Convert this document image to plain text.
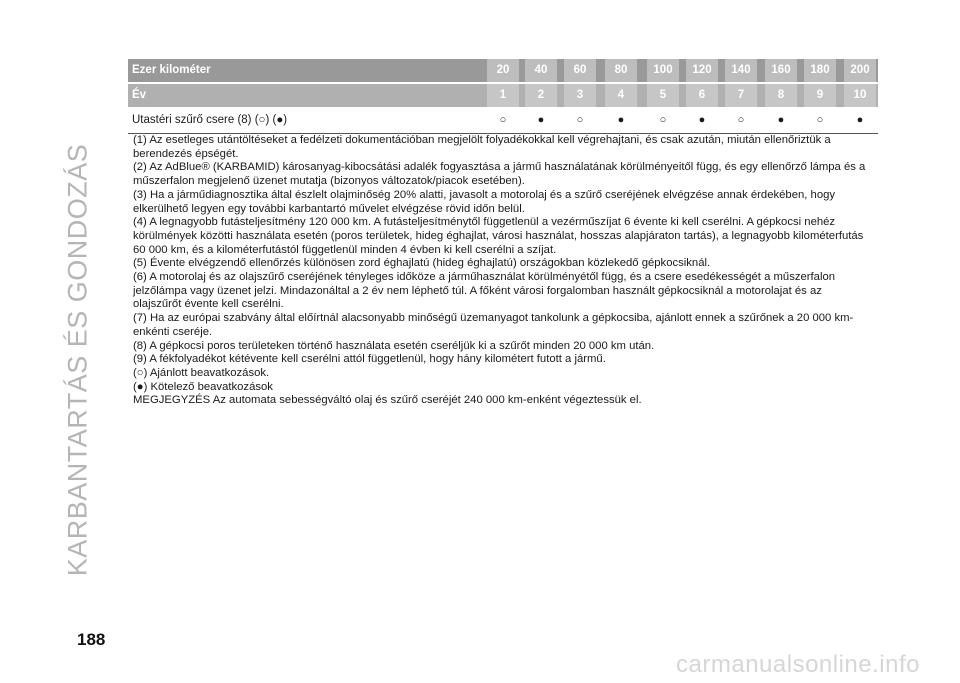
KARBANTARTÁS ÉS GONDOZÁS
Ezer kilométer	20	40	60	80	100	120	140	160	180	200
Év	1	2	3	4	5	6	7	8	9	10
Utastéri szűrő csere (8) (○) (●)	○	●	○	●	○	●	○	●	○	●

(1) Az esetleges utántöltéseket a fedélzeti dokumentációban megjelölt folyadékokkal kell végrehajtani, és csak azután, miután ellenőriztük a berendezés épségét.

(2) Az AdBlue® (KARBAMID) károsanyag-kibocsátási adalék fogyasztása a jármű használatának körülményeitől függ, és egy ellenőrző lámpa és a műszerfalon megjelenő üzenet mutatja (bizonyos változatok/piacok esetében).

(3) Ha a járműdiagnosztika által észlelt olajminőség 20% alatti, javasolt a motorolaj és a szűrő cseréjének elvégzése annak érdekében, hogy elkerülhető legyen egy további karbantartó művelet elvégzése rövid időn belül.

(4) A legnagyobb futásteljesítmény 120 000 km. A futásteljesítménytől függetlenül a vezérműszíjat 6 évente ki kell cserélni. A gépkocsi nehéz körülmények közötti használata esetén (poros területek, hideg éghajlat, városi használat, hosszas alapjáraton tartás), a legnagyobb kilométerfutás 60 000 km, és a kilométerfutástól függetlenül minden 4 évben ki kell cserélni a szíjat.

(5) Évente elvégzendő ellenőrzés különösen zord éghajlatú (hideg éghajlatú) országokban közlekedő gépkocsiknál.

(6) A motorolaj és az olajszűrő cseréjének tényleges időköze a járműhasználat körülményétől függ, és a csere esedékességét a műszerfalon jelzőlámpa vagy üzenet jelzi. Mindazonáltal a 2 év nem léphető túl. A főként városi forgalomban használt gépkocsiknál a motorolajat és az olajszűrőt évente kell cserélni.

(7) Ha az európai szabvány által előírtnál alacsonyabb minőségű üzemanyagot tankolunk a gépkocsiba, ajánlott ennek a szűrőnek a 20 000 km-enkénti cseréje.

(8) A gépkocsi poros területeken történő használata esetén cseréljük ki a szűrőt minden 20 000 km után.

(9) A fékfolyadékot kétévente kell cserélni attól függetlenül, hogy hány kilométert futott a jármű.

(○) Ajánlott beavatkozások.

(●) Kötelező beavatkozások

MEGJEGYZÉS Az automata sebességváltó olaj és szűrő cseréjét 240 000 km-enként végeztessük el.

188
carmanualsonline.info
